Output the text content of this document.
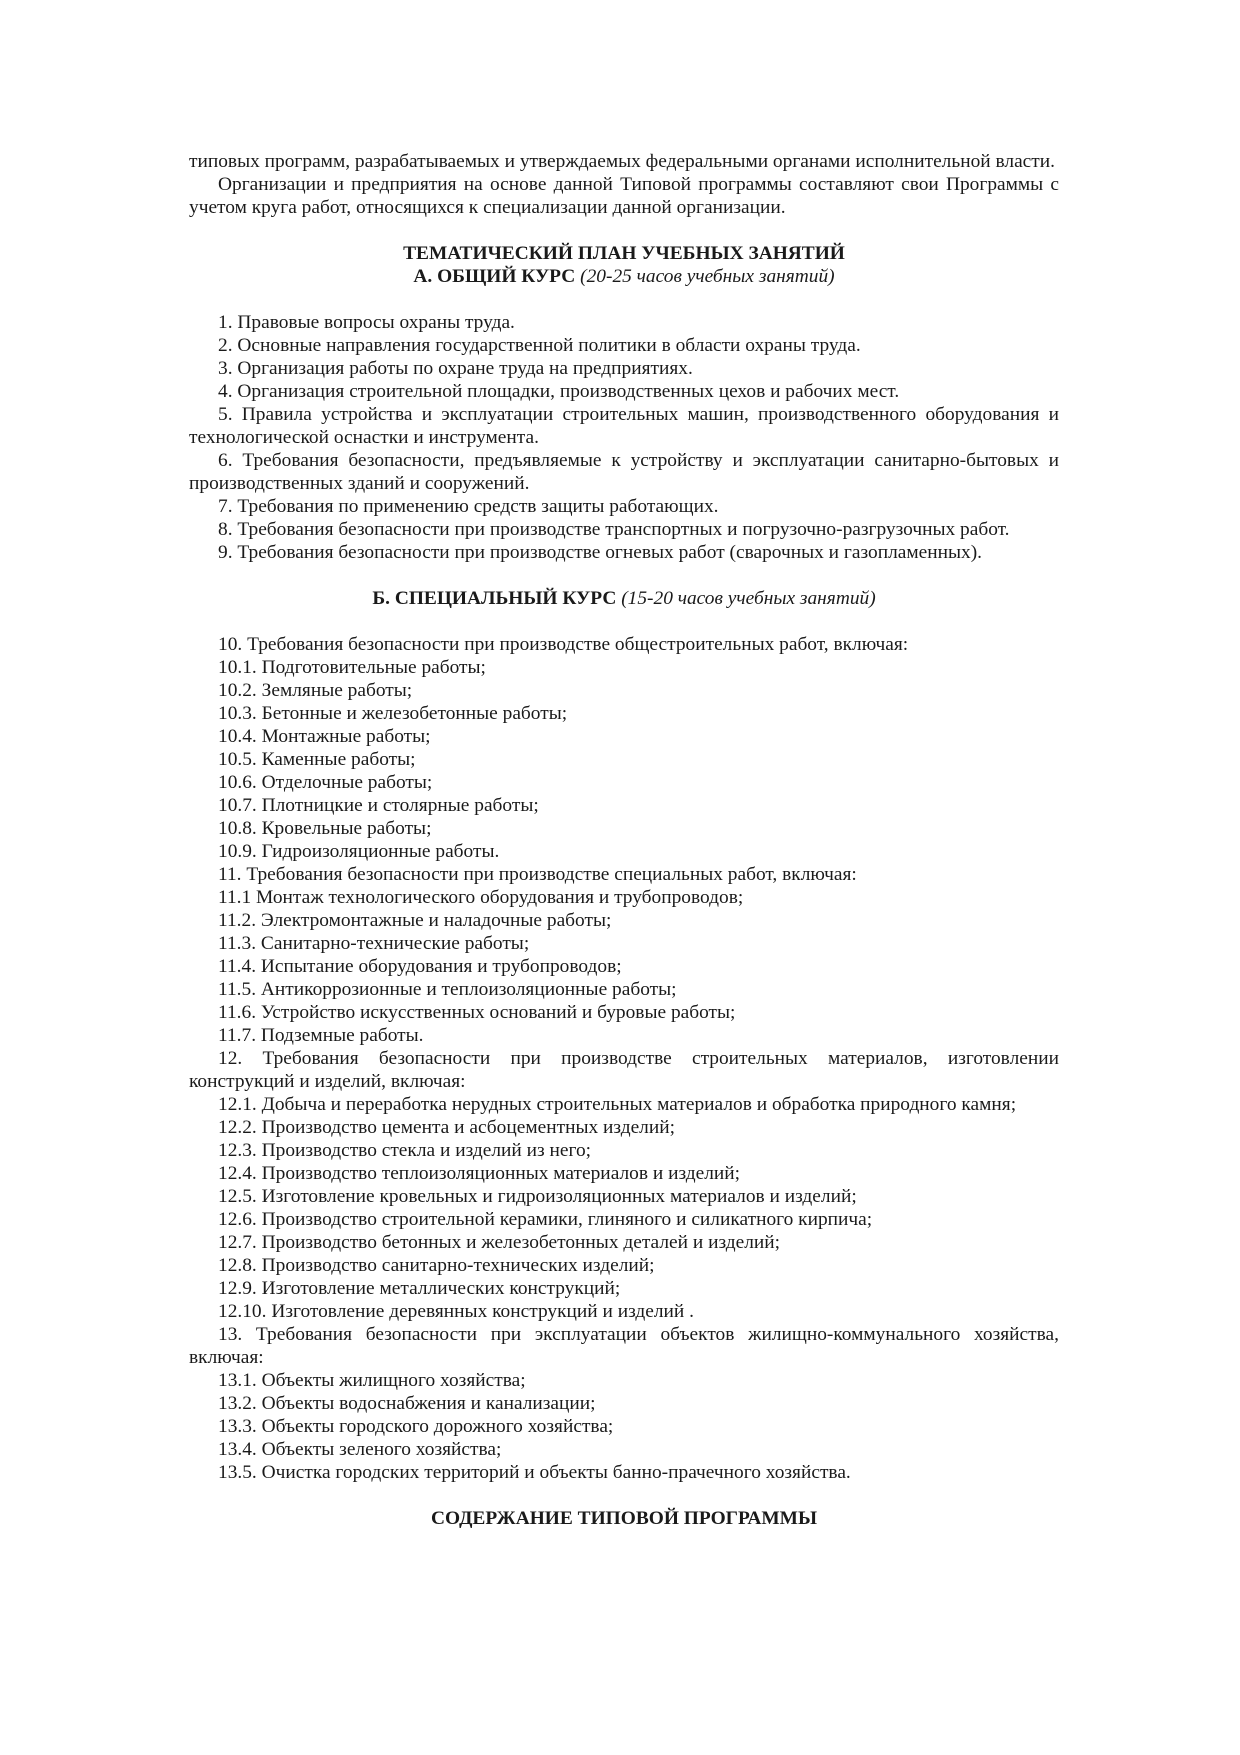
типовых программ, разрабатываемых и утверждаемых федеральными органами исполнительной власти.

Организации и предприятия на основе данной Типовой программы составляют свои Программы с учетом круга работ, относящихся к специализации данной организации.

ТЕМАТИЧЕСКИЙ ПЛАН УЧЕБНЫХ ЗАНЯТИЙ

А. ОБЩИЙ КУРС (20-25 часов учебных занятий)

1. Правовые вопросы охраны труда.

2. Основные направления государственной политики в области охраны труда.

3. Организация работы по охране труда на предприятиях.

4. Организация строительной площадки, производственных цехов и рабочих мест.

5. Правила устройства и эксплуатации строительных машин, производственного оборудования и технологической оснастки и инструмента.

6. Требования безопасности, предъявляемые к устройству и эксплуатации санитарно-бытовых и производственных зданий и сооружений.

7. Требования по применению средств защиты работающих.

8. Требования безопасности при производстве транспортных и погрузочно-разгрузочных работ.

9. Требования безопасности при производстве огневых работ (сварочных и газопламенных).

Б. СПЕЦИАЛЬНЫЙ КУРС (15-20 часов учебных занятий)

10. Требования безопасности при производстве общестроительных работ, включая:

10.1. Подготовительные работы;

10.2. Земляные работы;

10.3. Бетонные и железобетонные работы;

10.4. Монтажные работы;

10.5. Каменные работы;

10.6. Отделочные работы;

10.7. Плотницкие и столярные работы;

10.8. Кровельные работы;

10.9. Гидроизоляционные работы.

11. Требования безопасности при производстве специальных работ, включая:

11.1 Монтаж технологического оборудования и трубопроводов;

11.2. Электромонтажные и наладочные работы;

11.3. Санитарно-технические работы;

11.4. Испытание оборудования и трубопроводов;

11.5. Антикоррозионные и теплоизоляционные работы;

11.6. Устройство искусственных оснований и буровые работы;

11.7. Подземные работы.

12. Требования безопасности при производстве строительных материалов, изготовлении конструкций и изделий, включая:

12.1. Добыча и переработка нерудных строительных материалов и обработка природного камня;

12.2. Производство цемента и асбоцементных изделий;

12.3. Производство стекла и изделий из него;

12.4. Производство теплоизоляционных материалов и изделий;

12.5. Изготовление кровельных и гидроизоляционных материалов и изделий;

12.6. Производство строительной керамики, глиняного и силикатного кирпича;

12.7. Производство бетонных и железобетонных деталей и изделий;

12.8. Производство санитарно-технических изделий;

12.9. Изготовление металлических конструкций;

12.10. Изготовление деревянных конструкций и изделий .

13. Требования безопасности при эксплуатации объектов жилищно-коммунального хозяйства, включая:

13.1. Объекты жилищного хозяйства;

13.2. Объекты водоснабжения и канализации;

13.3. Объекты городского дорожного хозяйства;

13.4. Объекты зеленого хозяйства;

13.5. Очистка городских территорий и объекты банно-прачечного хозяйства.

СОДЕРЖАНИЕ ТИПОВОЙ ПРОГРАММЫ
